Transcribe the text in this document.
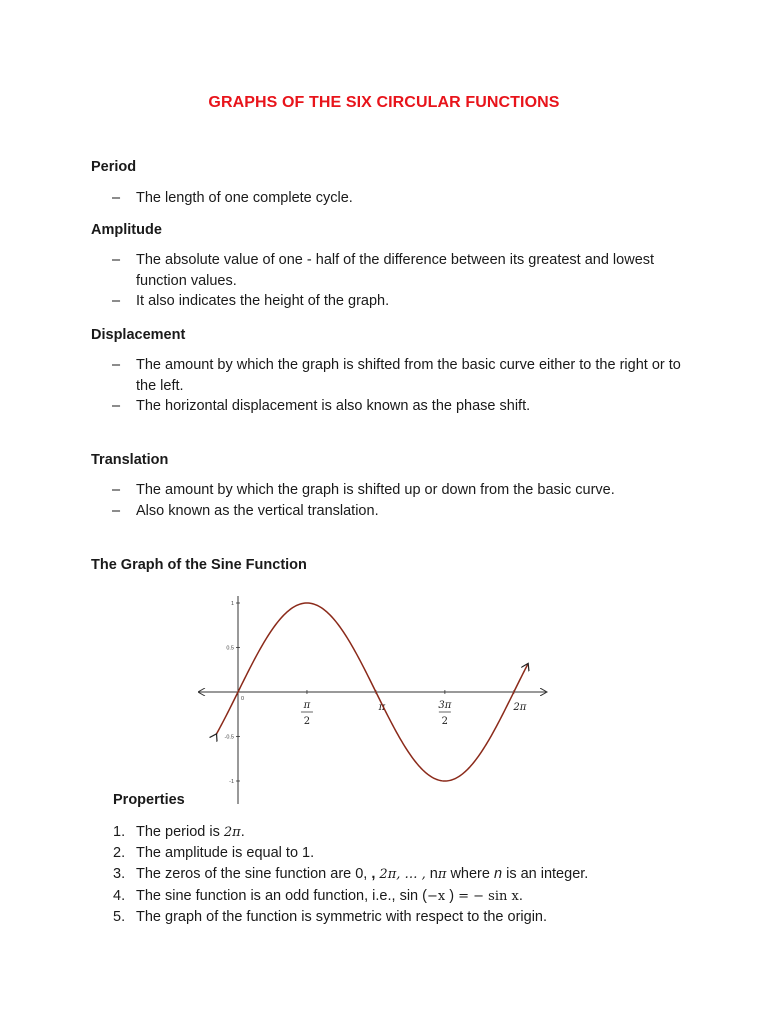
GRAPHS OF THE SIX CIRCULAR FUNCTIONS
Period
–	The length of one complete cycle.
Amplitude
–	The absolute value of one - half of the difference between its greatest and lowest function values.
–	It also indicates the height of the graph.
Displacement
–	The amount by which the graph is shifted from the basic curve either to the right or to the left.
–	The horizontal displacement is also known as the phase shift.
Translation
–	The amount by which the graph is shifted up or down from the basic curve.
–	Also known as the vertical translation.
The Graph of the Sine Function
1
0.5
-0.5
-1
π
2
π	3π
2
2π
0
Properties
1. The period is 2π.
2. The amplitude is equal to 1.
3. The zeros of the sine function are 0, , 2π, … , nπ where n is an integer.
4. The sine function is an odd function, i.e., sin (−x ) = − sin x.
5. The graph of the function is symmetric with respect to the origin.
